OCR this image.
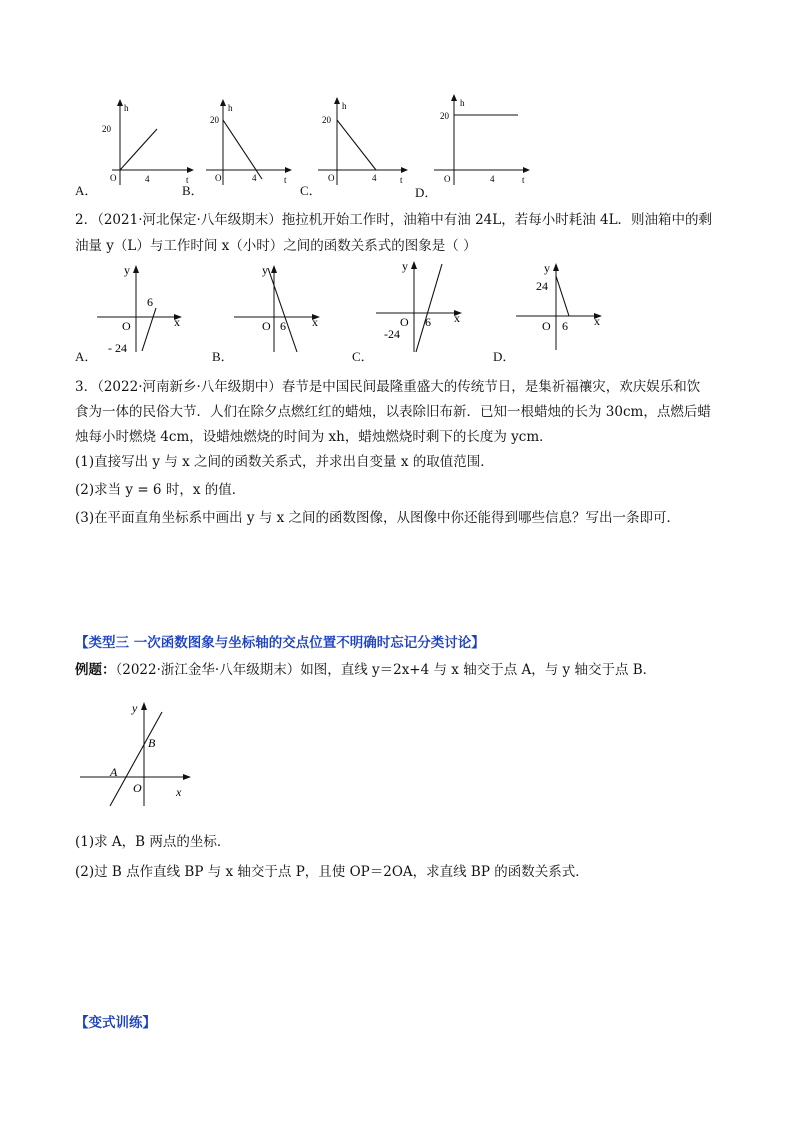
h
t
20
O	4
A．
h
t
20
O	4
B．
h
t
20
O	4
C．
h
t
20
O	4
D．
2．（2021·河北保定·八年级期末）拖拉机开始工作时，油箱中有油 24L，若每小时耗油 4L．则油箱中的剩
油量 y（L）与工作时间 x（小时）之间的函数关系式的图象是（ ）
y
x
6
O
- 24
A．
y
x
O 6
B．
y
x
O 6
-24
C．
y
x
24
O 6
D．
3．（2022·河南新乡·八年级期中）春节是中国民间最隆重盛大的传统节日，是集祈福禳灾，欢庆娱乐和饮
食为一体的民俗大节．人们在除夕点燃红红的蜡烛，以表除旧布新．已知一根蜡烛的长为 30cm，点燃后蜡
烛每小时燃烧 4cm，设蜡烛燃烧的时间为 xh，蜡烛燃烧时剩下的长度为 ycm．
(1)直接写出 y 与 x 之间的函数关系式，并求出自变量 x 的取值范围．
(2)求当 y = 6 时，x 的值．
(3)在平面直角坐标系中画出 y 与 x 之间的函数图像，从图像中你还能得到哪些信息？写出一条即可．
【类型三 一次函数图象与坐标轴的交点位置不明确时忘记分类讨论】
例题：（2022·浙江金华·八年级期末）如图，直线 y＝2x+4 与 x 轴交于点 A，与 y 轴交于点 B．
y
x
O
A
B
(1)求 A，B 两点的坐标．
(2)过 B 点作直线 BP 与 x 轴交于点 P，且使 OP＝2OA，求直线 BP 的函数关系式．
【变式训练】
